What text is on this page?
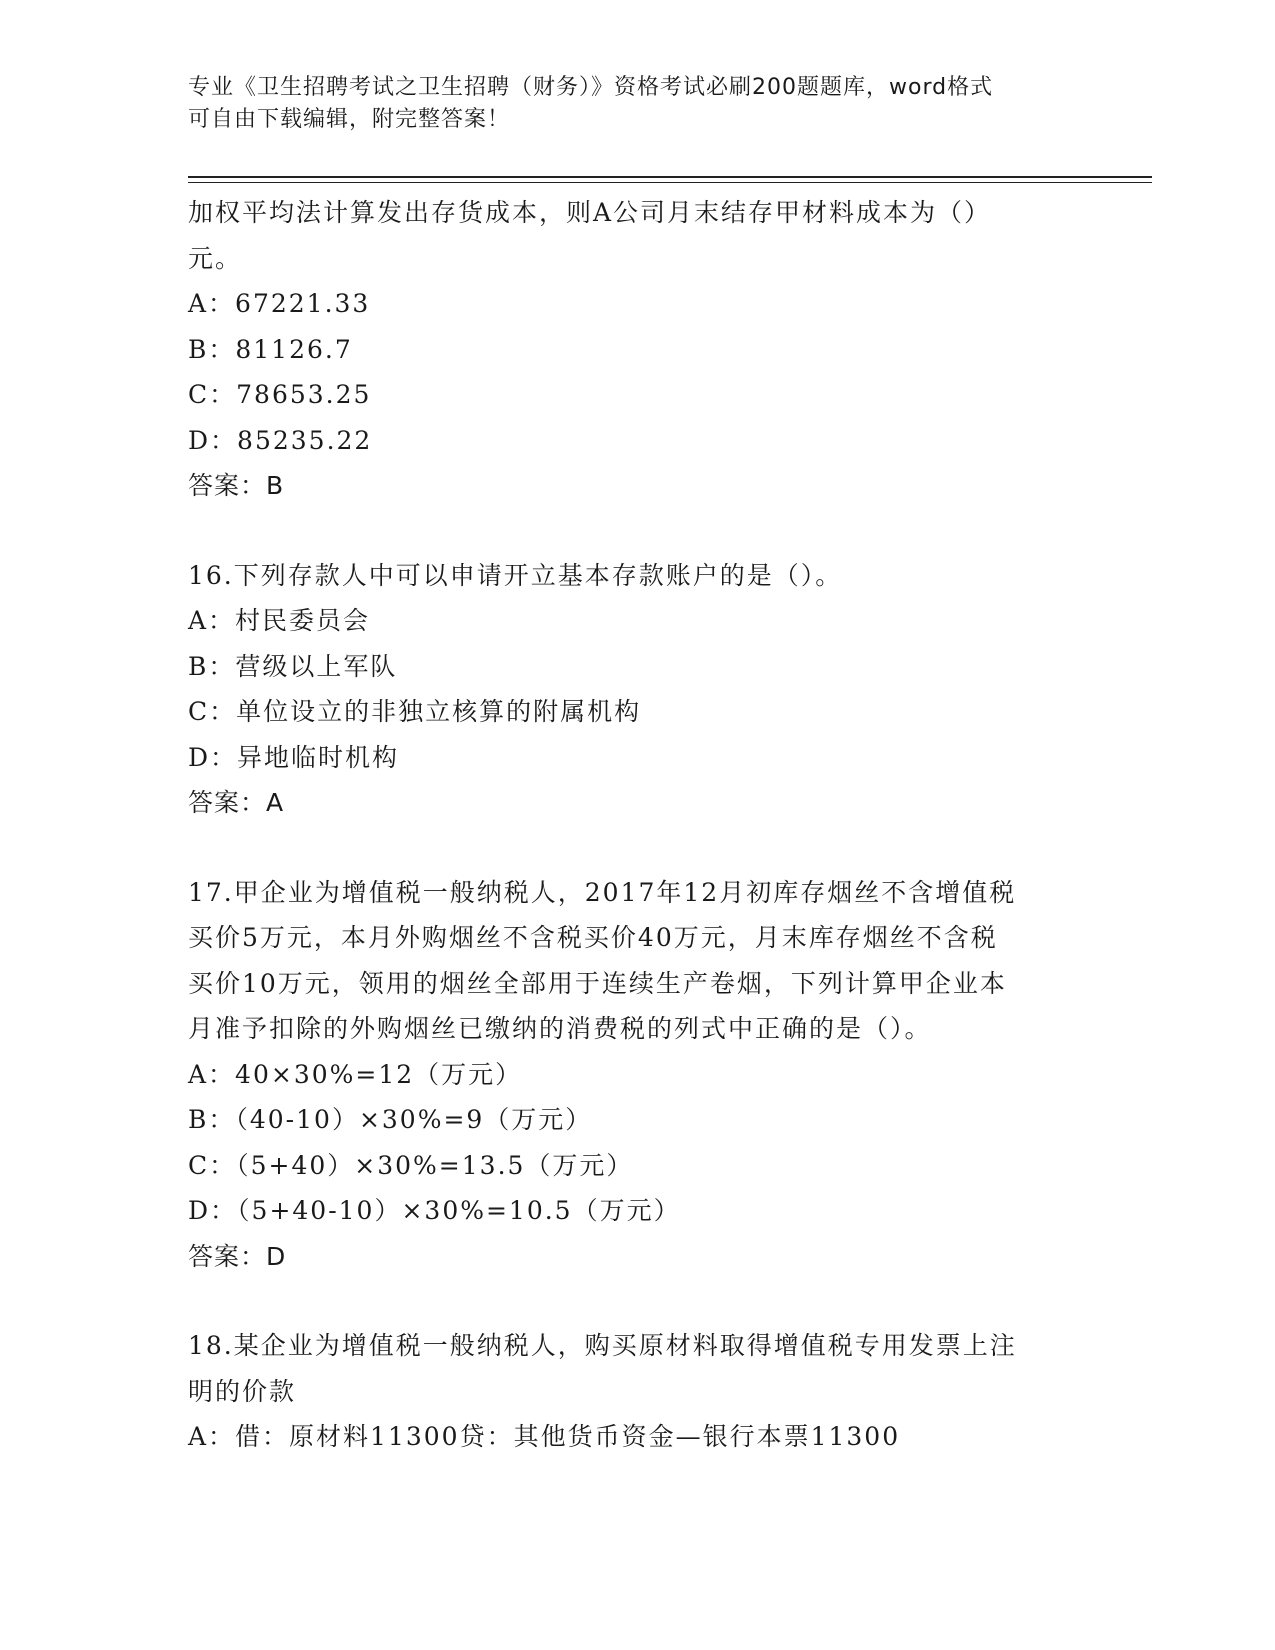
专业《卫生招聘考试之卫生招聘（财务）》资格考试必刷200题题库，word格式
可自由下载编辑，附完整答案！
加权平均法计算发出存货成本，则A公司月末结存甲材料成本为（）
元。
A：67221.33
B：81126.7
C：78653.25
D：85235.22
答案：B
16.下列存款人中可以申请开立基本存款账户的是（）。
A：村民委员会
B：营级以上军队
C：单位设立的非独立核算的附属机构
D：异地临时机构
答案：A
17.甲企业为增值税一般纳税人，2017年12月初库存烟丝不含增值税
买价5万元，本月外购烟丝不含税买价40万元，月末库存烟丝不含税
买价10万元，领用的烟丝全部用于连续生产卷烟，下列计算甲企业本
月准予扣除的外购烟丝已缴纳的消费税的列式中正确的是（）。
A：40×30%=12（万元）
B：（40-10）×30%=9（万元）
C：（5+40）×30%=13.5（万元）
D：（5+40-10）×30%=10.5（万元）
答案：D
18.某企业为增值税一般纳税人，购买原材料取得增值税专用发票上注
明的价款
A：借：原材料11300贷：其他货币资金—银行本票11300
